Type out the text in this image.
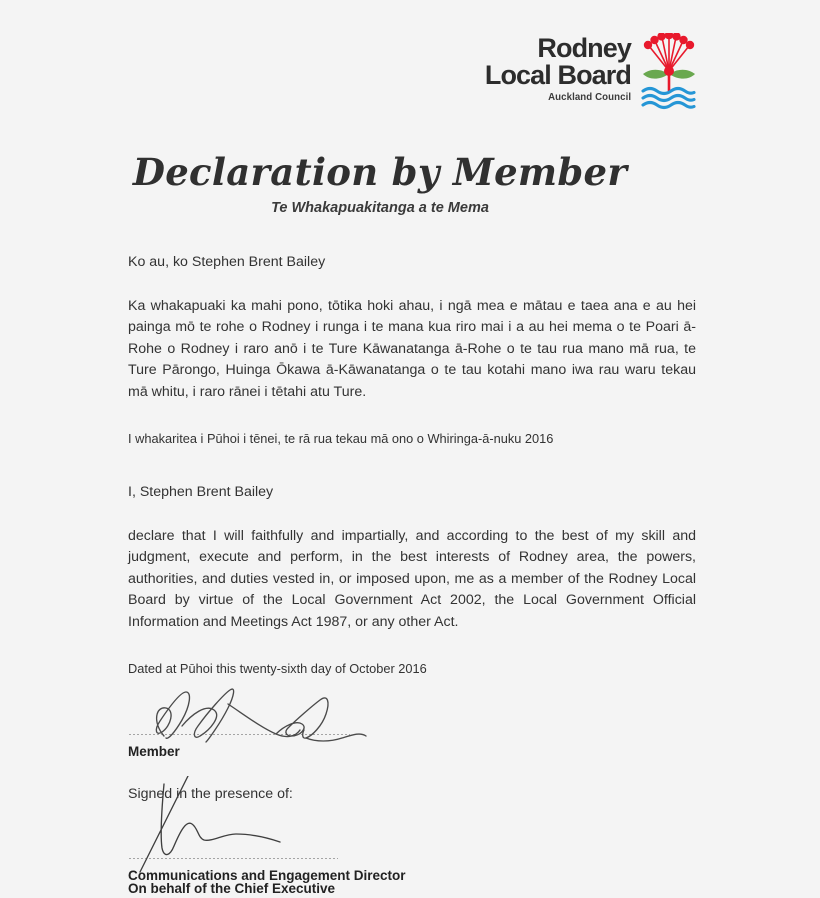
Rodney
Local Board
Auckland Council
Declaration by Member
Te Whakapuakitanga a te Mema

Ko au, ko Stephen Brent Bailey

Ka whakapuaki ka mahi pono, tōtika hoki ahau, i ngā mea e mātau e taea ana e au hei painga mō te rohe o Rodney i runga i te mana kua riro mai i a au hei mema o te Poari ā-Rohe o Rodney i raro anō i te Ture Kāwanatanga ā-Rohe o te tau rua mano mā rua, te Ture Pārongo, Huinga Ōkawa ā-Kāwanatanga o te tau kotahi mano iwa rau waru tekau mā whitu, i raro rānei i tētahi atu Ture.

I whakaritea i Pūhoi i tēnei, te rā rua tekau mā ono o Whiringa-ā-nuku 2016

I, Stephen Brent Bailey

declare that I will faithfully and impartially, and according to the best of my skill and judgment, execute and perform, in the best interests of Rodney area, the powers, authorities, and duties vested in, or imposed upon, me as a member of the Rodney Local Board by virtue of the Local Government Act 2002, the Local Government Official Information and Meetings Act 1987, or any other Act.

Dated at Pūhoi this twenty-sixth day of October 2016

Member

Signed in the presence of:

Communications and Engagement Director
On behalf of the Chief Executive
